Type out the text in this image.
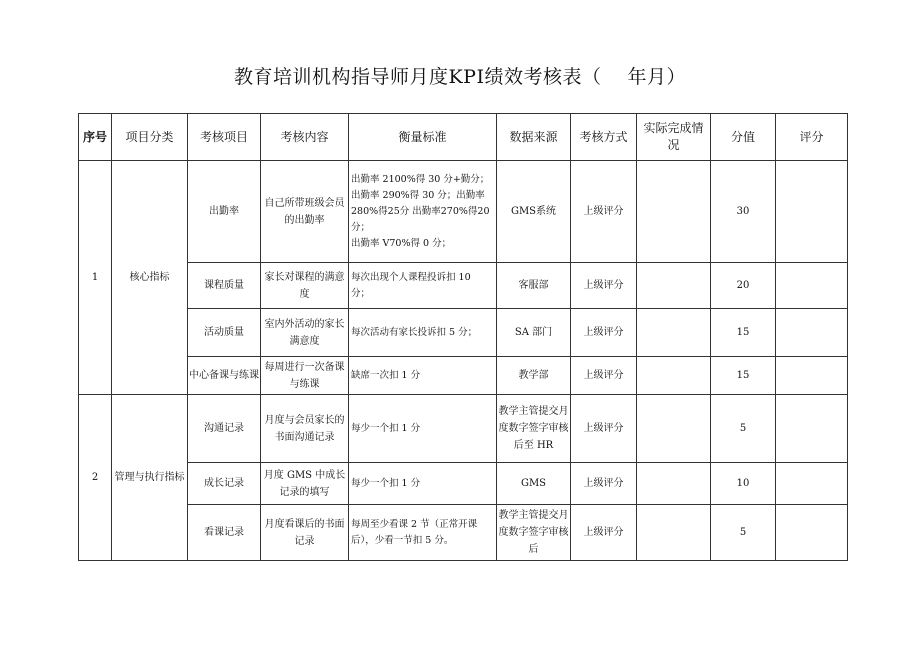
教育培训机构指导师月度KPI绩效考核表（　 年月）
序号	项目分类	考核项目	考核内容	衡量标准	数据来源	考核方式	实际完成情况	分值	评分
1	核心指标	出勤率	自己所带班级会员的出勤率	出勤率 2100%得 30 分+勤分；
出勤率 290%得 30 分；出勤率
280%得25分 出勤率270%得20
分；
出勤率 V70%得 0 分；	GMS系统	上级评分		30	
		课程质量	家长对课程的满意度	每次出现个人课程投诉扣 10
分；	客服部	上级评分		20	
		活动质量	室内外活动的家长满意度	每次活动有家长投诉扣 5 分；	SA 部门	上级评分		15	
		中心备课与练课	每周进行一次备课与练课	缺席一次扣 1 分	教学部	上级评分		15	
2	管理与执行指标	沟通记录	月度与会员家长的书面沟通记录	每少一个扣 1 分	教学主管提交月度数字签字审核后至 HR	上级评分		5	
		成长记录	月度 GMS 中成长记录的填写	每少一个扣 1 分	GMS	上级评分		10	
		看课记录	月度看课后的书面记录	每周至少看课 2 节（正常开课
后），少看一节扣 5 分。	教学主管提交月度数字签字审核后	上级评分		5	
